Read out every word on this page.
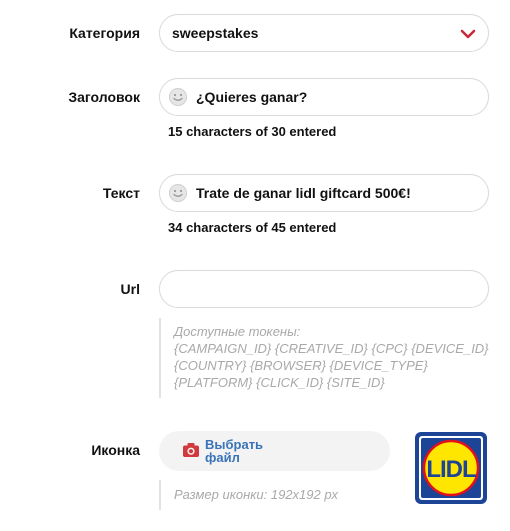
Категория sweepstakes
Заголовок	¿Quieres ganar?
15 characters of 30 entered
Текст	Trate de ganar lidl giftcard 500€!
34 characters of 45 entered
Url
Доступные токены:
{CAMPAIGN_ID} {CREATIVE_ID} {CPC} {DEVICE_ID}
{COUNTRY} {BROWSER} {DEVICE_TYPE}
{PLATFORM} {CLICK_ID} {SITE_ID}
Иконка	Выбрать
файл
Размер иконки: 192x192 px
LIDL
